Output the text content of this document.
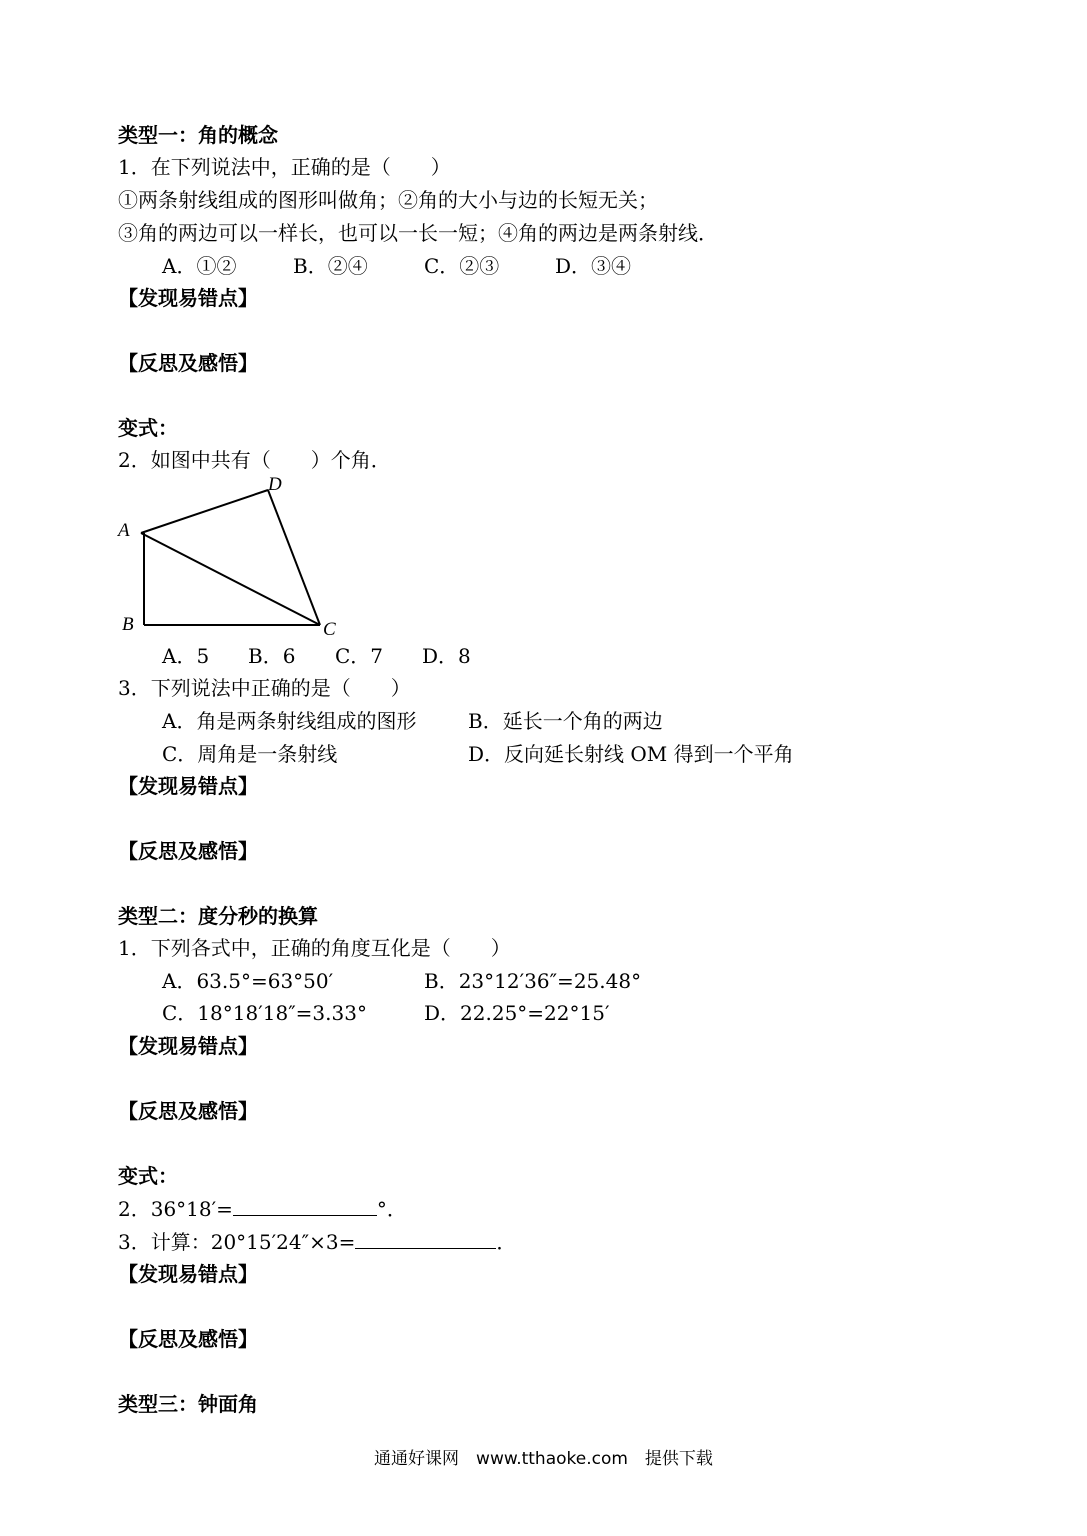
类型一：角的概念
1．在下列说法中，正确的是（　　）
①两条射线组成的图形叫做角；②角的大小与边的长短无关；
③角的两边可以一样长，也可以一长一短；④角的两边是两条射线．
A．①②	B．②④	C．②③	D．③④
【发现易错点】
【反思及感悟】
变式：
2．如图中共有（　　）个角．
A
B	C
D
A．5 B．6 C．7 D．8
3．下列说法中正确的是（　　）
A．角是两条射线组成的图形	B．延长一个角的两边
C．周角是一条射线	D．反向延长射线 OM 得到一个平角
【发现易错点】
【反思及感悟】
类型二：度分秒的换算
1．下列各式中，正确的角度互化是（　　）
A．63.5°=63°50′	B．23°12′36″=25.48°
C．18°18′18″=3.33°	D．22.25°=22°15′
【发现易错点】
【反思及感悟】
变式：
2．36°18′=	°．
3．计算：20°15′24″×3=	．
【发现易错点】
【反思及感悟】
类型三：钟面角
通通好课网　www.tthaoke.com　提供下载
